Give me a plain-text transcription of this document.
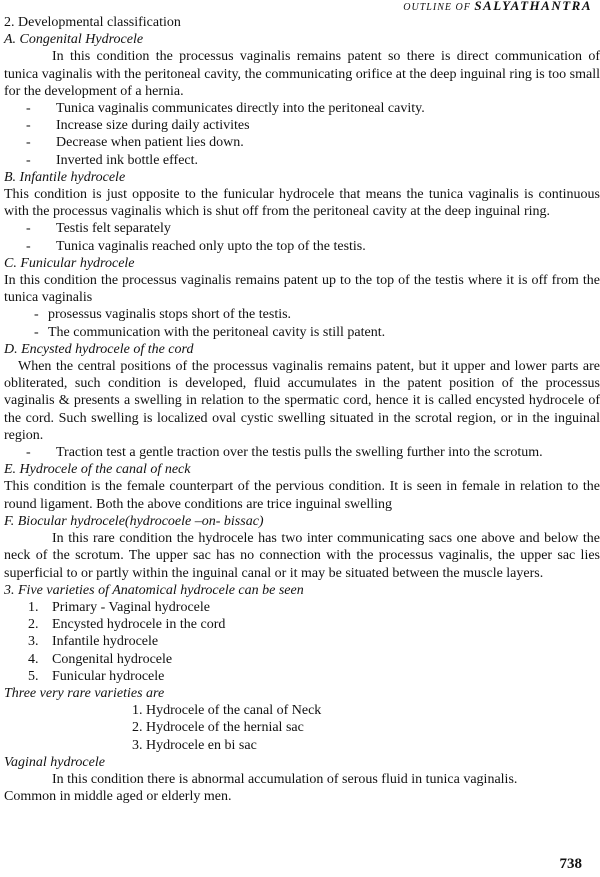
OUTLINE OF SALYATHANTRA
2. Developmental classification
A. Congenital Hydrocele

In this condition the processus vaginalis remains patent so there is direct communication of tunica vaginalis with the peritoneal cavity, the communicating orifice at the deep inguinal ring is too small for the development of a hernia.

- Tunica vaginalis communicates directly into the peritoneal cavity.
- Increase size during daily activites
- Decrease when patient lies down.
- Inverted ink bottle effect.
B. Infantile hydrocele

This condition is just opposite to the funicular hydrocele that means the tunica vaginalis is continuous with the processus vaginalis which is shut off from the peritoneal cavity at the deep inguinal ring.

- Testis felt separately
- Tunica vaginalis reached only upto the top of the testis.
C. Funicular hydrocele

In this condition the processus vaginalis remains patent up to the top of the testis where it is off from the tunica vaginalis

- prosessus vaginalis stops short of the testis.
- The communication with the peritoneal cavity is still patent.
D. Encysted hydrocele of the cord

When the central positions of the processus vaginalis remains patent, but it upper and lower parts are obliterated, such condition is developed, fluid accumulates in the patent position of the processus vaginalis & presents a swelling in relation to the spermatic cord, hence it is called encysted hydrocele of the cord. Such swelling is localized oval cystic swelling situated in the scrotal region, or in the inguinal region.

- Traction test a gentle traction over the testis pulls the swelling further into the scrotum.
E. Hydrocele of the canal of neck

This condition is the female counterpart of the pervious condition. It is seen in female in relation to the round ligament. Both the above conditions are trice inguinal swelling

F. Biocular hydrocele(hydrocoele –on- bissac)

In this rare condition the hydrocele has two inter communicating sacs one above and below the neck of the scrotum. The upper sac has no connection with the processus vaginalis, the upper sac lies superficial to or partly within the inguinal canal or it may be situated between the muscle layers.

3. Five varieties of Anatomical hydrocele can be seen
1. Primary - Vaginal hydrocele
2. Encysted hydrocele in the cord
3. Infantile hydrocele
4. Congenital hydrocele
5. Funicular hydrocele
Three very rare varieties are
1. Hydrocele of the canal of Neck
2. Hydrocele of the hernial sac
3. Hydrocele en bi sac
Vaginal hydrocele

In this condition there is abnormal accumulation of serous fluid in tunica vaginalis.

Common in middle aged or elderly men.

738
